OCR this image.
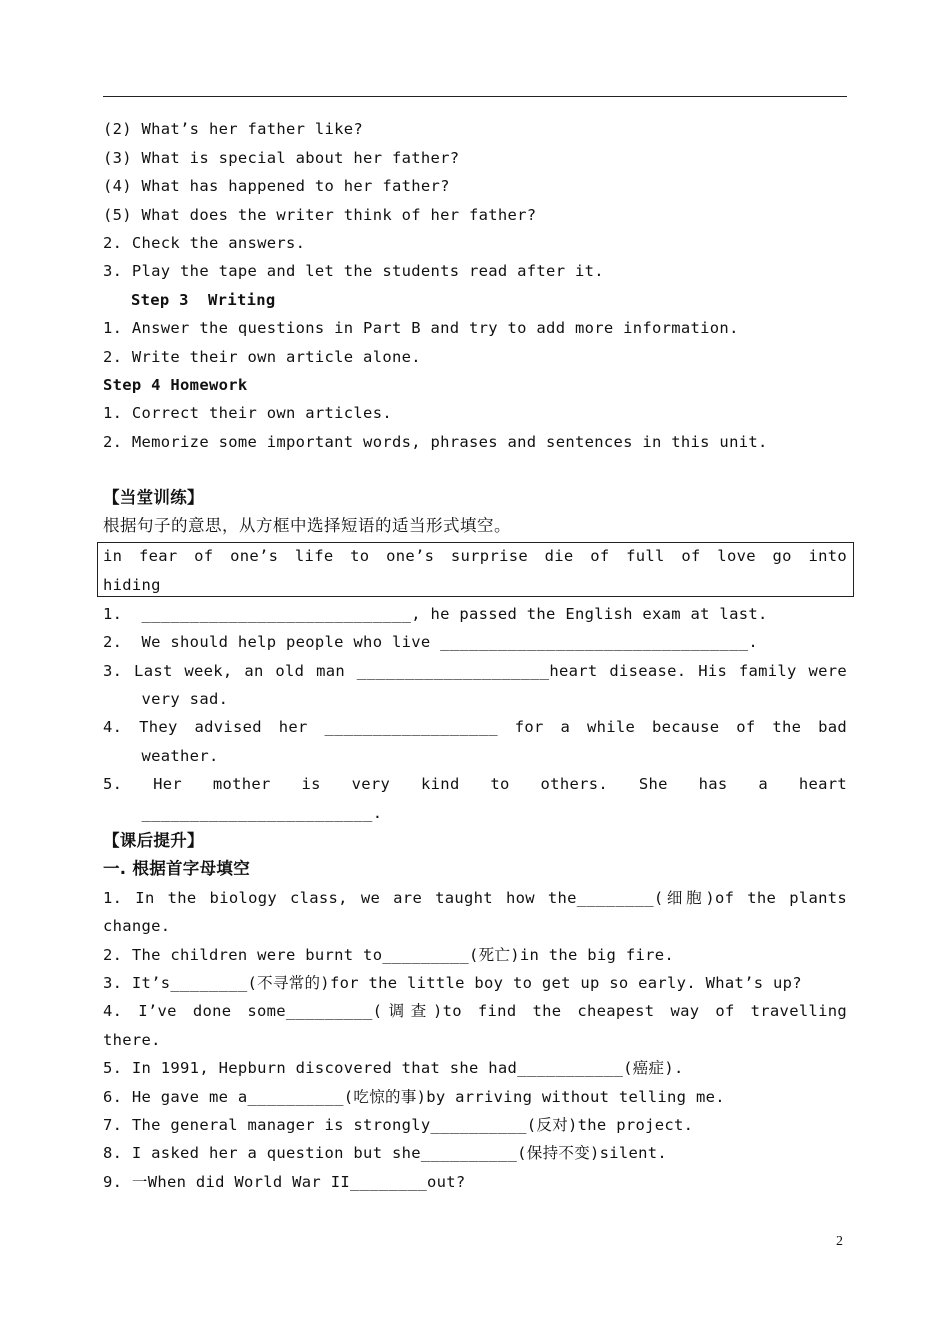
(2) What’s her father like?
(3) What is special about her father?
(4) What has happened to her father?
(5) What does the writer think of her father?
2. Check the answers.
3. Play the tape and let the students read after it.
Step 3  Writing
1. Answer the questions in Part B and try to add more information.
2. Write their own article alone.
Step 4 Homework
1. Correct their own articles.
2. Memorize some important words, phrases and sentences in this unit.
【当堂训练】
根据句子的意思，从方框中选择短语的适当形式填空。
in fear of one’s life to one’s surprise die of full of love go into
hiding
1.  ____________________________, he passed the English exam at last.
2.  We should help people who live ________________________________.
3. Last week, an old man ____________________heart disease. His family were
very sad.
4. They advised her __________________ for a while because of the bad
weather.
5. Her mother is very kind to others. She has a heart
________________________.
【课后提升】
一. 根据首字母填空
1. In the biology class, we are taught how the________(细胞)of the plants
change.
2. The children were burnt to_________(死亡)in the big fire.
3. It’s________(不寻常的)for the little boy to get up so early. What’s up?
4. I’ve done some_________(调查)to find the cheapest way of travelling
there.
5. In 1991, Hepburn discovered that she had___________(癌症).
6. He gave me a__________(吃惊的事)by arriving without telling me.
7. The general manager is strongly__________(反对)the project.
8. I asked her a question but she__________(保持不变)silent.
9. 一When did World War II________out?
2
